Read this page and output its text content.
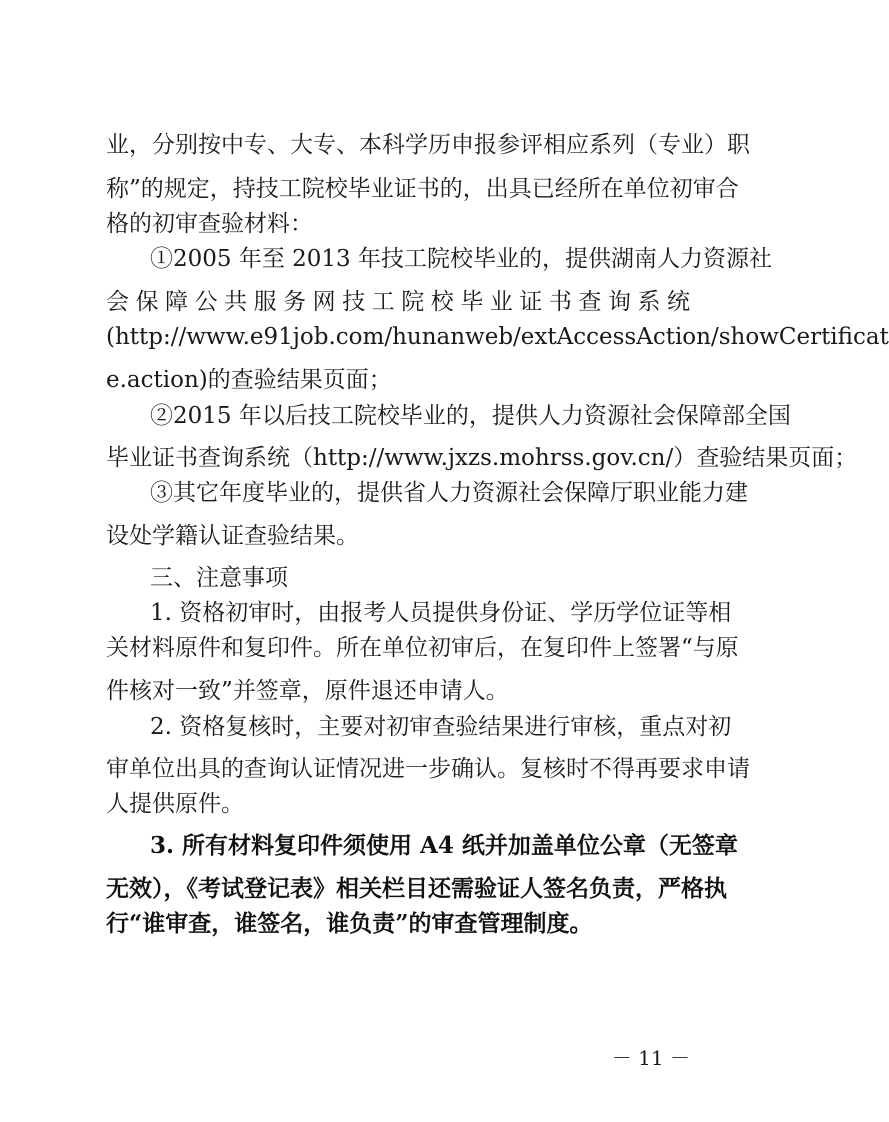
业，分别按中专、大专、本科学历申报参评相应系列（专业）职
称”的规定，持技工院校毕业证书的，出具已经所在单位初审合
格的初审查验材料：
①2005 年至 2013 年技工院校毕业的，提供湖南人力资源社
会保障公共服务网技工院校毕业证书查询系统
(http://www.e91job.com/hunanweb/extAccessAction/showCertificat
e.action)的查验结果页面；
②2015 年以后技工院校毕业的，提供人力资源社会保障部全国
毕业证书查询系统（http://www.jxzs.mohrss.gov.cn/）查验结果页面；
③其它年度毕业的，提供省人力资源社会保障厅职业能力建
设处学籍认证查验结果。
三、注意事项
1. 资格初审时，由报考人员提供身份证、学历学位证等相
关材料原件和复印件。所在单位初审后，在复印件上签署“与原
件核对一致”并签章，原件退还申请人。
2. 资格复核时，主要对初审查验结果进行审核，重点对初
审单位出具的查询认证情况进一步确认。复核时不得再要求申请
人提供原件。
3. 所有材料复印件须使用 A4 纸并加盖单位公章（无签章
无效），《考试登记表》相关栏目还需验证人签名负责，严格执
行“谁审查，谁签名，谁负责”的审查管理制度。
－ 11 －
